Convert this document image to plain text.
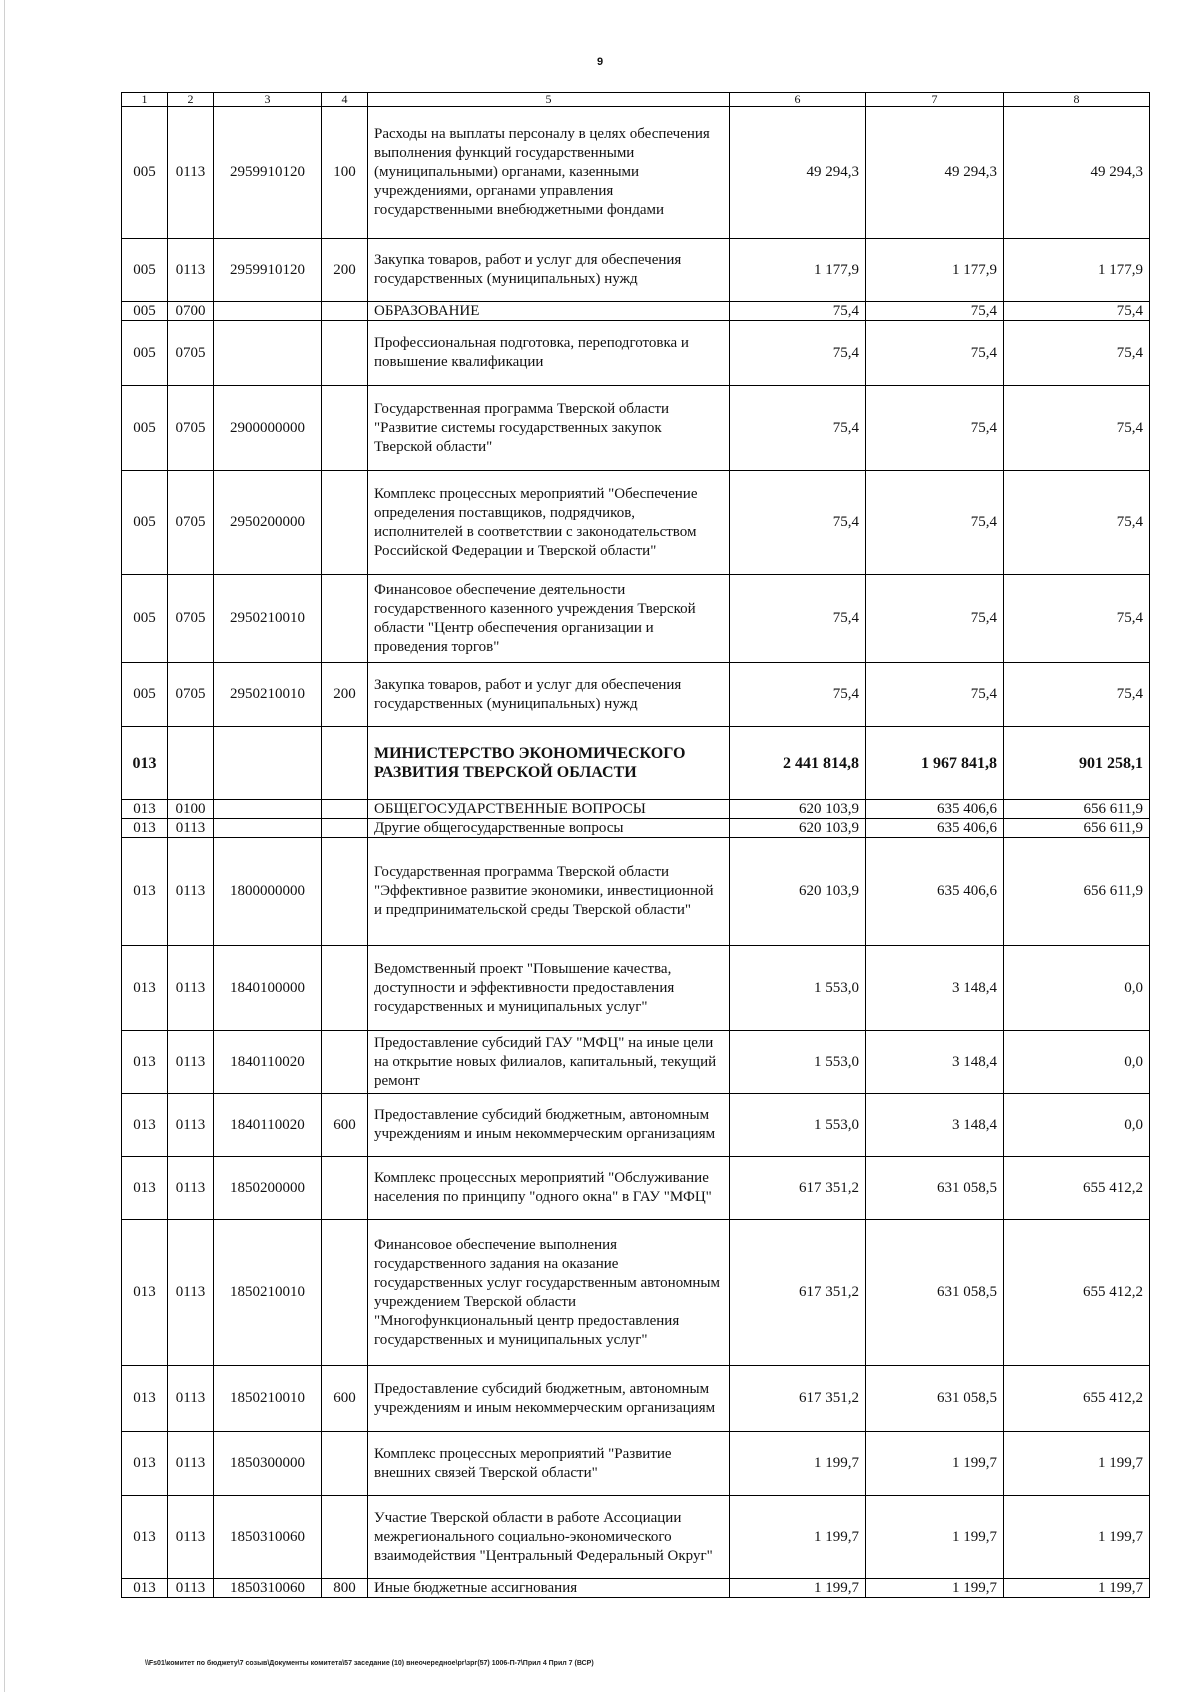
9
1	2	3	4	5	6	7	8
005	0113	2959910120	100	Расходы на выплаты персоналу в целях обеспечения выполнения функций государственными (муниципальными) органами, казенными учреждениями, органами управления государственными внебюджетными фондами	49 294,3	49 294,3	49 294,3
005	0113	2959910120	200	Закупка товаров, работ и услуг для обеспечения государственных (муниципальных) нужд	1 177,9	1 177,9	1 177,9
005	0700			ОБРАЗОВАНИЕ	75,4	75,4	75,4
005	0705			Профессиональная подготовка, переподготовка и повышение квалификации	75,4	75,4	75,4
005	0705	2900000000		Государственная программа Тверской области "Развитие системы государственных закупок Тверской области"	75,4	75,4	75,4
005	0705	2950200000		Комплекс процессных мероприятий "Обеспечение определения поставщиков, подрядчиков, исполнителей в соответствии с законодательством Российской Федерации и Тверской области"	75,4	75,4	75,4
005	0705	2950210010		Финансовое обеспечение деятельности государственного казенного учреждения Тверской области "Центр обеспечения организации и проведения торгов"	75,4	75,4	75,4
005	0705	2950210010	200	Закупка товаров, работ и услуг для обеспечения государственных (муниципальных) нужд	75,4	75,4	75,4
013				МИНИСТЕРСТВО ЭКОНОМИЧЕСКОГО РАЗВИТИЯ ТВЕРСКОЙ ОБЛАСТИ	2 441 814,8	1 967 841,8	901 258,1
013	0100			ОБЩЕГОСУДАРСТВЕННЫЕ ВОПРОСЫ	620 103,9	635 406,6	656 611,9
013	0113			Другие общегосударственные вопросы	620 103,9	635 406,6	656 611,9
013	0113	1800000000		Государственная программа Тверской области "Эффективное развитие экономики, инвестиционной и предпринимательской среды Тверской области"	620 103,9	635 406,6	656 611,9
013	0113	1840100000		Ведомственный проект "Повышение качества, доступности и эффективности предоставления государственных и муниципальных услуг"	1 553,0	3 148,4	0,0
013	0113	1840110020		Предоставление субсидий ГАУ "МФЦ" на иные цели на открытие новых филиалов, капитальный, текущий ремонт	1 553,0	3 148,4	0,0
013	0113	1840110020	600	Предоставление субсидий бюджетным, автономным учреждениям и иным некоммерческим организациям	1 553,0	3 148,4	0,0
013	0113	1850200000		Комплекс процессных мероприятий "Обслуживание населения по принципу "одного окна" в ГАУ "МФЦ"	617 351,2	631 058,5	655 412,2
013	0113	1850210010		Финансовое обеспечение выполнения государственного задания на оказание государственных услуг государственным автономным учреждением Тверской области "Многофункциональный центр предоставления государственных и муниципальных услуг"	617 351,2	631 058,5	655 412,2
013	0113	1850210010	600	Предоставление субсидий бюджетным, автономным учреждениям и иным некоммерческим организациям	617 351,2	631 058,5	655 412,2
013	0113	1850300000		Комплекс процессных мероприятий "Развитие внешних связей Тверской области"	1 199,7	1 199,7	1 199,7
013	0113	1850310060		Участие Тверской области в работе Ассоциации межрегионального социально-экономического взаимодействия "Центральный Федеральный Округ"	1 199,7	1 199,7	1 199,7
013	0113	1850310060	800	Иные бюджетные ассигнования	1 199,7	1 199,7	1 199,7
\\Fs01\комитет по бюджету\7 созыв\Документы комитета\57 заседание (10) внеочередное\рг\зрг(57) 1006-П-7\Прил 4 Прил 7 (ВСР)
